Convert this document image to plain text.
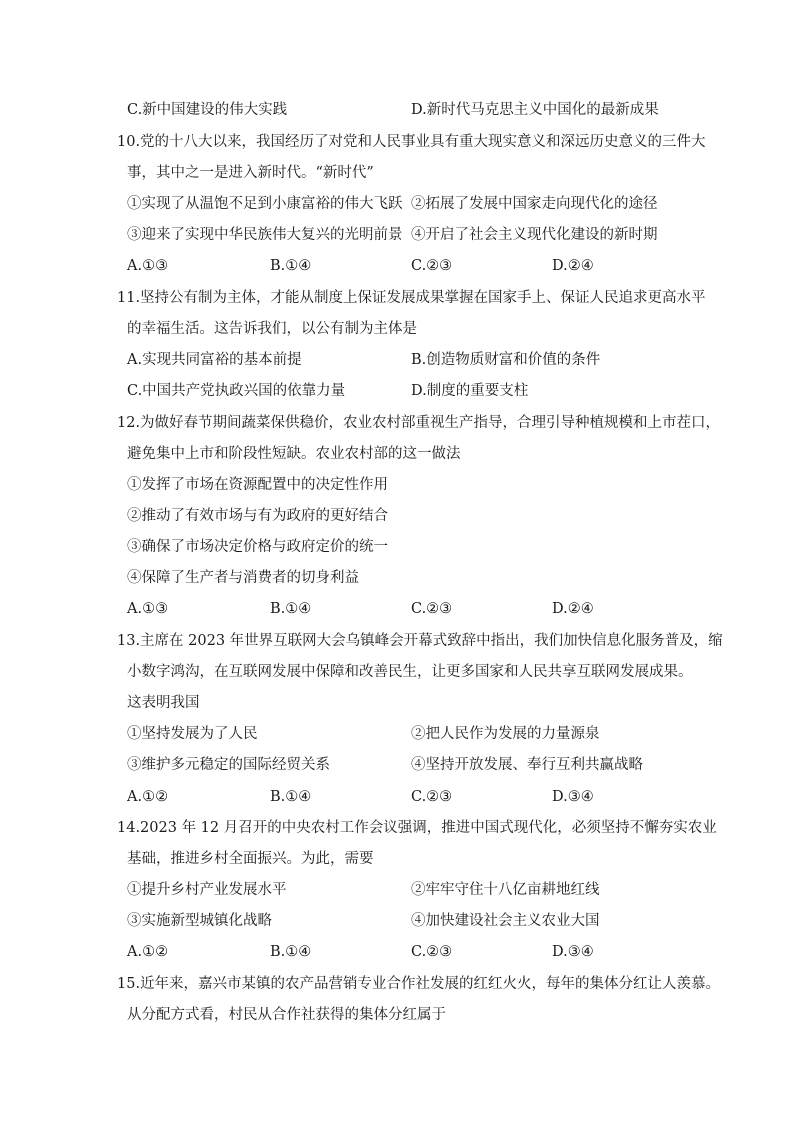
C.新中国建设的伟大实践	D.新时代马克思主义中国化的最新成果
10.党的十八大以来，我国经历了对党和人民事业具有重大现实意义和深远历史意义的三件大
事，其中之一是进入新时代。“新时代”
①实现了从温饱不足到小康富裕的伟大飞跃 ②拓展了发展中国家走向现代化的途径
③迎来了实现中华民族伟大复兴的光明前景 ④开启了社会主义现代化建设的新时期
A.①③	B.①④	C.②③	D.②④
11.坚持公有制为主体，才能从制度上保证发展成果掌握在国家手上、保证人民追求更高水平
的幸福生活。这告诉我们，以公有制为主体是
A.实现共同富裕的基本前提	B.创造物质财富和价值的条件
C.中国共产党执政兴国的依靠力量	D.制度的重要支柱
12.为做好春节期间蔬菜保供稳价，农业农村部重视生产指导，合理引导种植规模和上市茬口，
避免集中上市和阶段性短缺。农业农村部的这一做法
①发挥了市场在资源配置中的决定性作用
②推动了有效市场与有为政府的更好结合
③确保了市场决定价格与政府定价的统一
④保障了生产者与消费者的切身利益
A.①③	B.①④	C.②③	D.②④
13.主席在 2023 年世界互联网大会乌镇峰会开幕式致辞中指出，我们加快信息化服务普及，缩
小数字鸿沟，在互联网发展中保障和改善民生，让更多国家和人民共享互联网发展成果。
这表明我国
①坚持发展为了人民	②把人民作为发展的力量源泉
③维护多元稳定的国际经贸关系	④坚持开放发展、奉行互利共赢战略
A.①②	B.①④	C.②③	D.③④
14.2023 年 12 月召开的中央农村工作会议强调，推进中国式现代化，必须坚持不懈夯实农业
基础，推进乡村全面振兴。为此，需要
①提升乡村产业发展水平	②牢牢守住十八亿亩耕地红线
③实施新型城镇化战略	④加快建设社会主义农业大国
A.①②	B.①④	C.②③	D.③④
15.近年来，嘉兴市某镇的农产品营销专业合作社发展的红红火火，每年的集体分红让人羡慕。
从分配方式看，村民从合作社获得的集体分红属于
